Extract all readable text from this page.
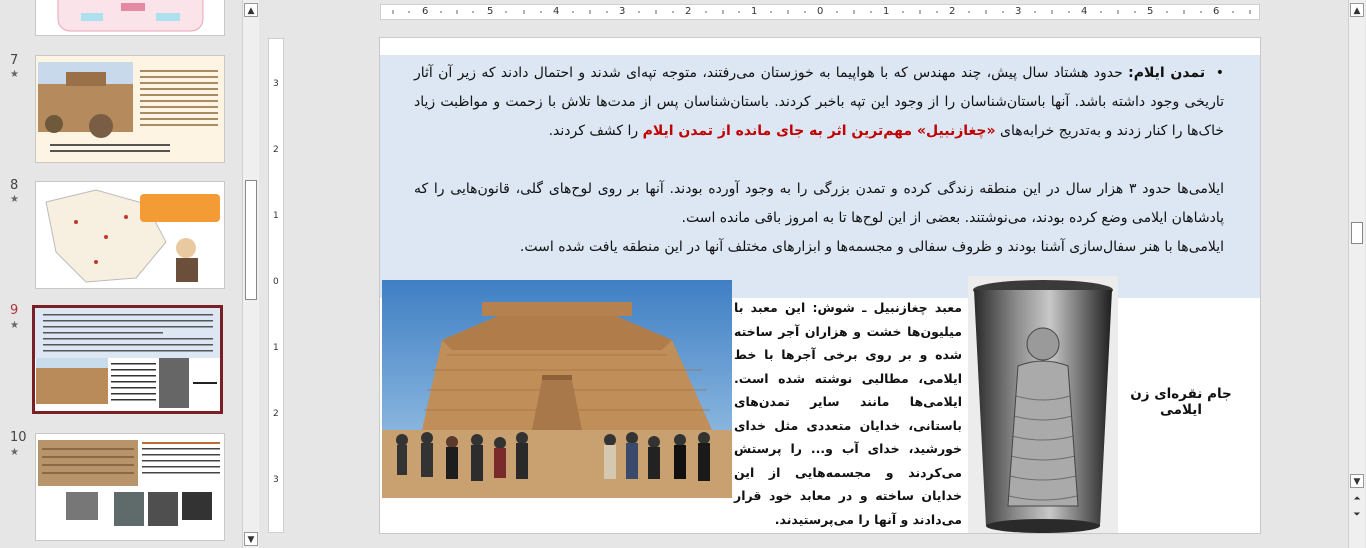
7
★
8
★
9
★
10
★
▲
▼
6	5	4	3	2	1	0	1	2	3	4	5	6
3
2
1
0
1
2
3
•  تمدن ایلام: حدود هشتاد سال پیش، چند مهندس که با هواپیما به خوزستان می‌رفتند، متوجه تپه‌ای شدند و احتمال دادند که زیر آن آثار تاریخی وجود داشته باشد. آنها باستان‌شناسان را از وجود این تپه باخبر کردند. باستان‌شناسان پس از مدت‌ها تلاش با زحمت و مواظبت زیاد خاک‌ها را کنار زدند و به‌تدریج خرابه‌های «چغازنبیل» مهم‌ترین اثر به جای مانده از تمدن ایلام را کشف کردند.
ایلامی‌ها حدود ۳ هزار سال در این منطقه زندگی کرده و تمدن بزرگی را به وجود آورده بودند. آنها بر روی لوح‌های گلی، قانون‌هایی را که پادشاهان ایلامی وضع کرده بودند، می‌نوشتند. بعضی از این لوح‌ها تا به امروز باقی مانده است.
ایلامی‌ها با هنر سفال‌سازی آشنا بودند و ظروف سفالی و مجسمه‌ها و ابزارهای مختلف آنها در این منطقه یافت شده است.
معبد چغازنبیل ـ شوش: این معبد با میلیون‌ها خشت و هزاران آجر ساخته شده و بر روی برخی آجرها با خط ایلامی، مطالبی نوشته شده است. ایلامی‌ها مانند سایر تمدن‌های باستانی، خدایان متعددی مثل خدای خورشید، خدای آب و... را پرستش می‌کردند و مجسمه‌هایی از این خدایان ساخته و در معابد خود قرار می‌دادند و آنها را می‌پرستیدند.
جام نقره‌ای زن ایلامی
▲
▼
⏶
⏷
